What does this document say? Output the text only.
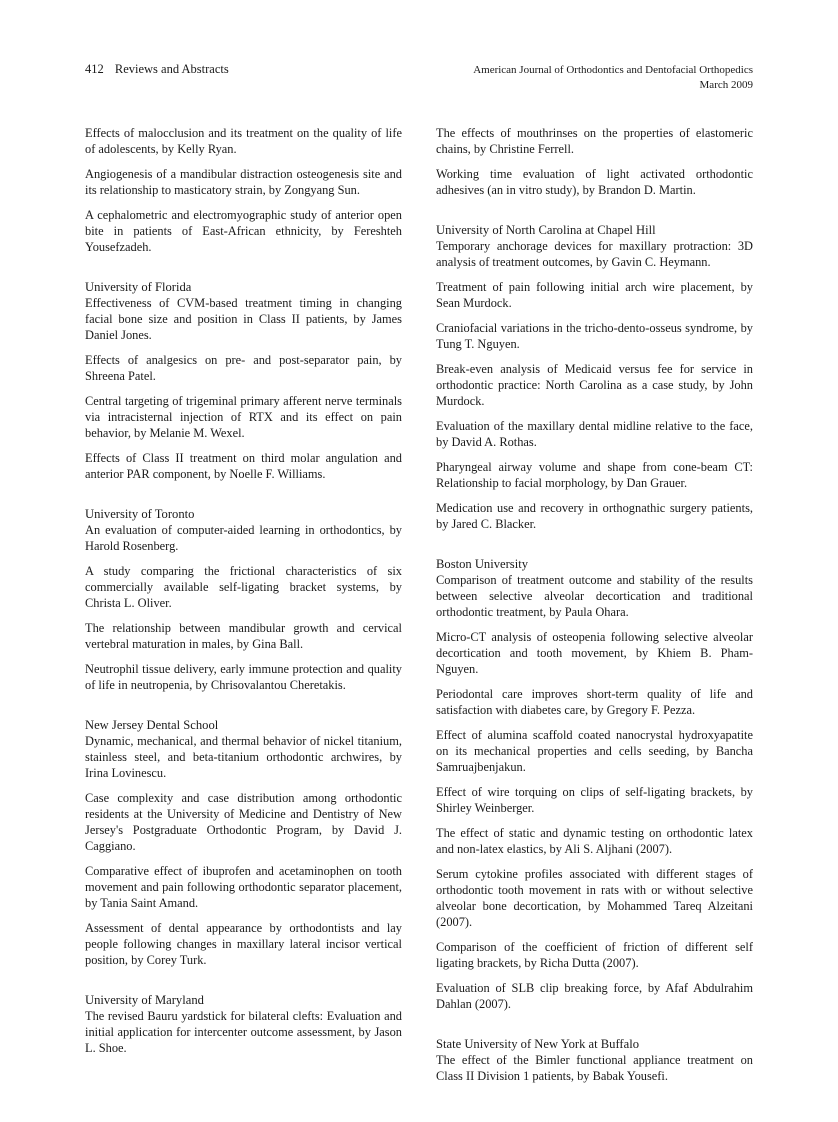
412 Reviews and Abstracts	American Journal of Orthodontics and Dentofacial Orthopedics
March 2009

Effects of malocclusion and its treatment on the quality of life of adolescents, by Kelly Ryan.

Angiogenesis of a mandibular distraction osteogenesis site and its relationship to masticatory strain, by Zongyang Sun.

A cephalometric and electromyographic study of anterior open bite in patients of East-African ethnicity, by Fereshteh Yousefzadeh.

University of Florida

Effectiveness of CVM-based treatment timing in changing facial bone size and position in Class II patients, by James Daniel Jones.

Effects of analgesics on pre- and post-separator pain, by Shreena Patel.

Central targeting of trigeminal primary afferent nerve terminals via intracisternal injection of RTX and its effect on pain behavior, by Melanie M. Wexel.

Effects of Class II treatment on third molar angulation and anterior PAR component, by Noelle F. Williams.

University of Toronto

An evaluation of computer-aided learning in orthodontics, by Harold Rosenberg.

A study comparing the frictional characteristics of six commercially available self-ligating bracket systems, by Christa L. Oliver.

The relationship between mandibular growth and cervical vertebral maturation in males, by Gina Ball.

Neutrophil tissue delivery, early immune protection and quality of life in neutropenia, by Chrisovalantou Cheretakis.

New Jersey Dental School

Dynamic, mechanical, and thermal behavior of nickel titanium, stainless steel, and beta-titanium orthodontic archwires, by Irina Lovinescu.

Case complexity and case distribution among orthodontic residents at the University of Medicine and Dentistry of New Jersey's Postgraduate Orthodontic Program, by David J. Caggiano.

Comparative effect of ibuprofen and acetaminophen on tooth movement and pain following orthodontic separator placement, by Tania Saint Amand.

Assessment of dental appearance by orthodontists and lay people following changes in maxillary lateral incisor vertical position, by Corey Turk.

University of Maryland

The revised Bauru yardstick for bilateral clefts: Evaluation and initial application for intercenter outcome assessment, by Jason L. Shoe.

The effects of mouthrinses on the properties of elastomeric chains, by Christine Ferrell.

Working time evaluation of light activated orthodontic adhesives (an in vitro study), by Brandon D. Martin.

University of North Carolina at Chapel Hill

Temporary anchorage devices for maxillary protraction: 3D analysis of treatment outcomes, by Gavin C. Heymann.

Treatment of pain following initial arch wire placement, by Sean Murdock.

Craniofacial variations in the tricho-dento-osseus syndrome, by Tung T. Nguyen.

Break-even analysis of Medicaid versus fee for service in orthodontic practice: North Carolina as a case study, by John Murdock.

Evaluation of the maxillary dental midline relative to the face, by David A. Rothas.

Pharyngeal airway volume and shape from cone-beam CT: Relationship to facial morphology, by Dan Grauer.

Medication use and recovery in orthognathic surgery patients, by Jared C. Blacker.

Boston University

Comparison of treatment outcome and stability of the results between selective alveolar decortication and traditional orthodontic treatment, by Paula Ohara.

Micro-CT analysis of osteopenia following selective alveolar decortication and tooth movement, by Khiem B. Pham-Nguyen.

Periodontal care improves short-term quality of life and satisfaction with diabetes care, by Gregory F. Pezza.

Effect of alumina scaffold coated nanocrystal hydroxyapatite on its mechanical properties and cells seeding, by Bancha Samruajbenjakun.

Effect of wire torquing on clips of self-ligating brackets, by Shirley Weinberger.

The effect of static and dynamic testing on orthodontic latex and non-latex elastics, by Ali S. Aljhani (2007).

Serum cytokine profiles associated with different stages of orthodontic tooth movement in rats with or without selective alveolar bone decortication, by Mohammed Tareq Alzeitani (2007).

Comparison of the coefficient of friction of different self ligating brackets, by Richa Dutta (2007).

Evaluation of SLB clip breaking force, by Afaf Abdulrahim Dahlan (2007).

State University of New York at Buffalo

The effect of the Bimler functional appliance treatment on Class II Division 1 patients, by Babak Yousefi.
